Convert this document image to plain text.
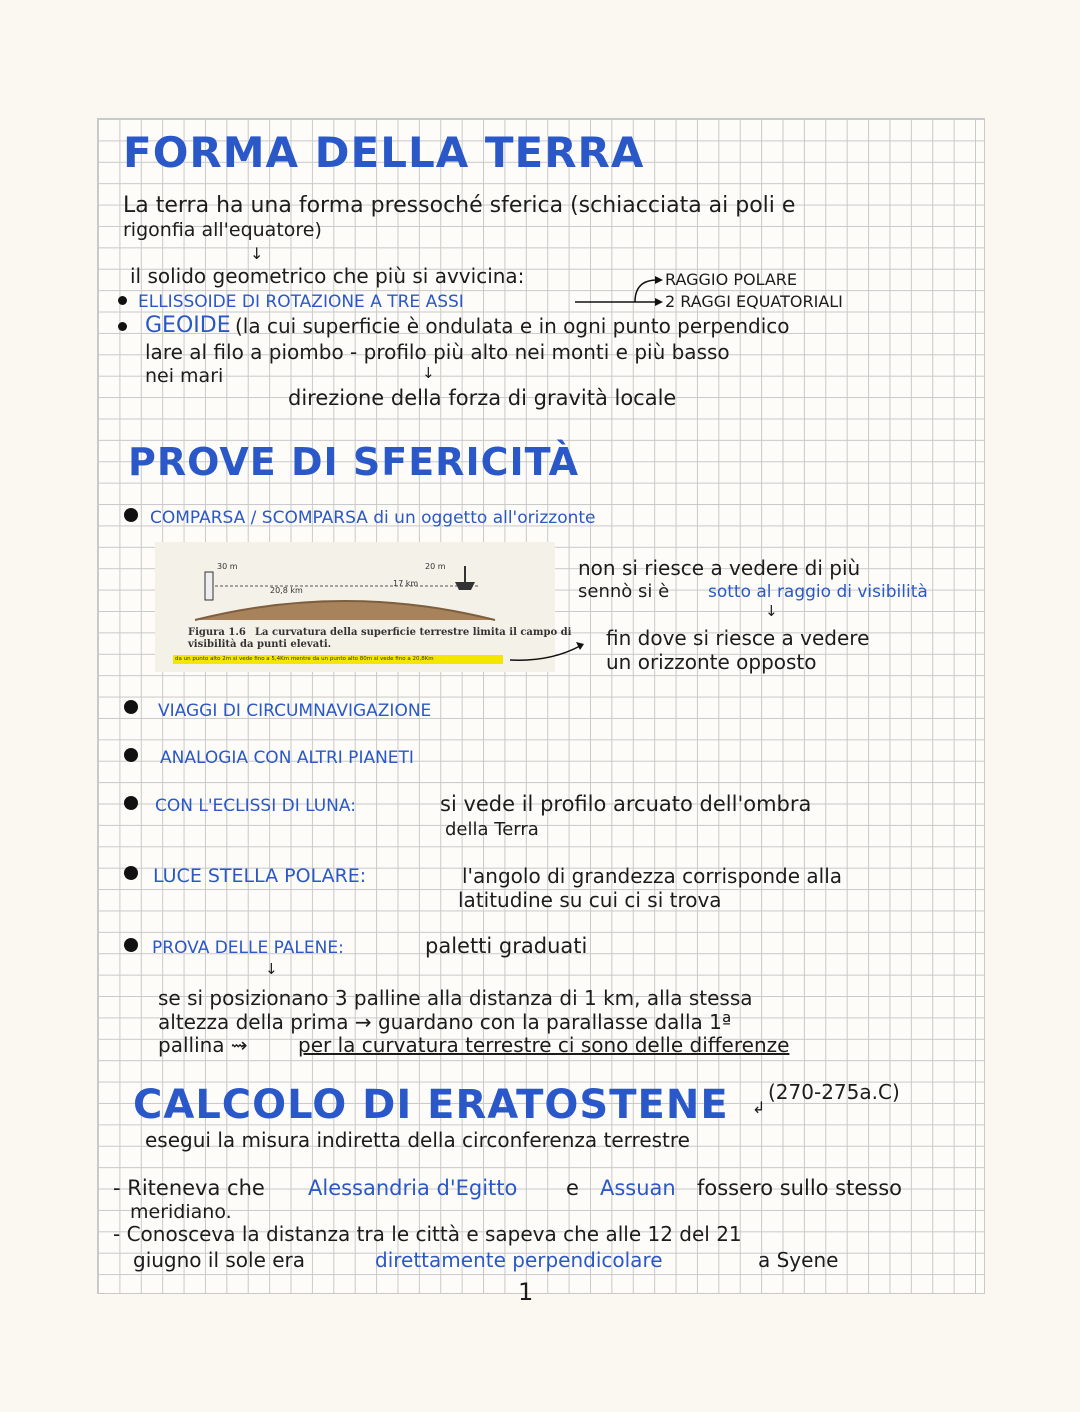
FORMA DELLA TERRA
La terra ha una forma pressoché sferica (schiacciata ai poli e
rigonfia all'equatore)
↓
il solido geometrico che più si avvicina:
ELLISSOIDE DI ROTAZIONE A TRE ASSI
RAGGIO POLARE
2 RAGGI EQUATORIALI
GEOIDE (la cui superficie è ondulata e in ogni punto perpendico
lare al filo a piombo - profilo più alto nei monti e più basso
nei mari	↓
direzione della forza di gravità locale
PROVE DI SFERICITÀ
COMPARSA / SCOMPARSA di un oggetto all'orizzonte
30 m	20 m
20,8 km
17 km
Figura 1.6 La curvatura della superficie terrestre limita il campo di
visibilità da punti elevati.
da un punto alto 2m si vede fino a 5,4Km mentre da un punto alto 80m si vede fino a 20,8Km
non si riesce a vedere di più
sennò si è sotto al raggio di visibilità
↓
fin dove si riesce a vedere
un orizzonte opposto
VIAGGI DI CIRCUMNAVIGAZIONE
ANALOGIA CON ALTRI PIANETI
CON L'ECLISSI DI LUNA:	si vede il profilo arcuato dell'ombra
della Terra
LUCE STELLA POLARE:	l'angolo di grandezza corrisponde alla
latitudine su cui ci si trova
PROVA DELLE PALENE:	paletti graduati
↓
se si posizionano 3 palline alla distanza di 1 km, alla stessa
altezza della prima → guardano con la parallasse dalla 1ª
pallina ⇝	per la curvatura terrestre ci sono delle differenze
CALCOLO DI ERATOSTENE ↲
(270-275a.C)
esegui la misura indiretta della circonferenza terrestre
- Riteneva che Alessandria d'Egitto e Assuan fossero sullo stesso
meridiano.
- Conosceva la distanza tra le città e sapeva che alle 12 del 21
giugno il sole era	direttamente perpendicolare	a Syene
1
